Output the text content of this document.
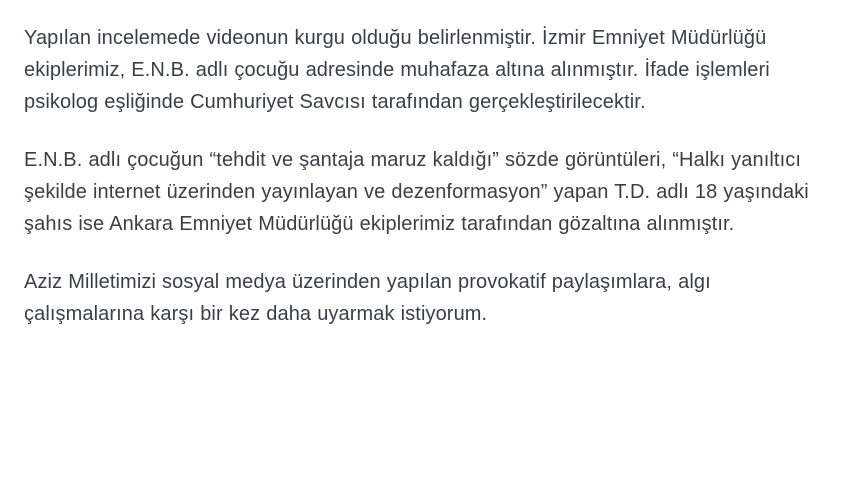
Yapılan incelemede videonun kurgu olduğu belirlenmiştir. İzmir Emniyet Müdürlüğü ekiplerimiz, E.N.B. adlı çocuğu adresinde muhafaza altına alınmıştır. İfade işlemleri psikolog eşliğinde Cumhuriyet Savcısı tarafından gerçekleştirilecektir.

E.N.B. adlı çocuğun “tehdit ve şantaja maruz kaldığı” sözde görüntüleri, “Halkı yanıltıcı şekilde internet üzerinden yayınlayan ve dezenformasyon” yapan T.D. adlı 18 yaşındaki şahıs ise Ankara Emniyet Müdürlüğü ekiplerimiz tarafından gözaltına alınmıştır.

Aziz Milletimizi sosyal medya üzerinden yapılan provokatif paylaşımlara, algı çalışmalarına karşı bir kez daha uyarmak istiyorum.
